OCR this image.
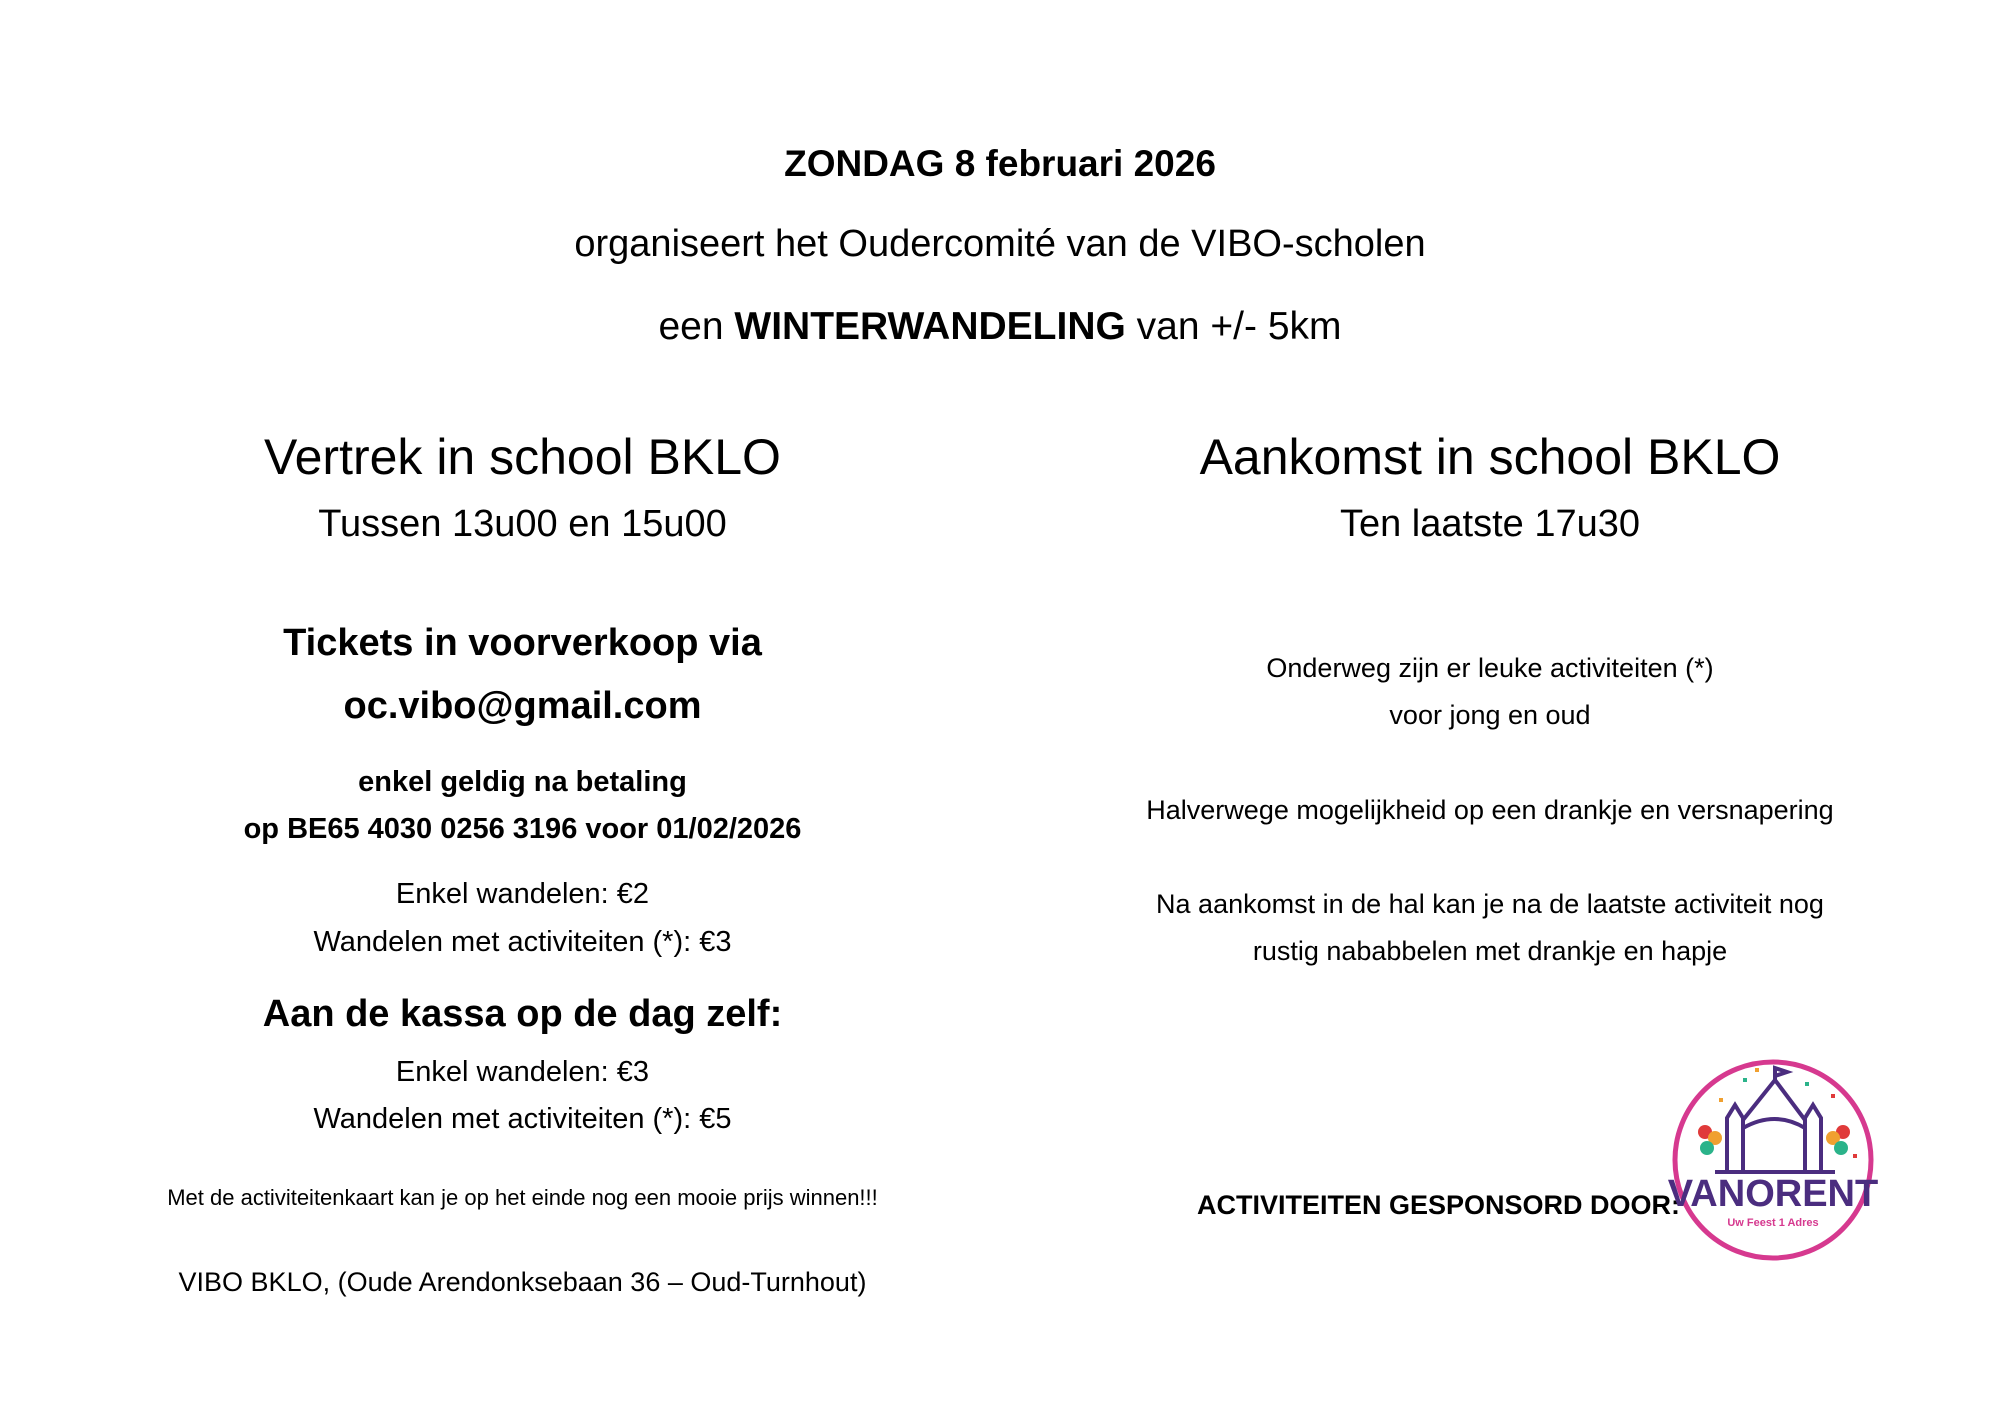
ZONDAG 8 februari 2026
organiseert het Oudercomité van de VIBO-scholen
een WINTERWANDELING van +/- 5km
Vertrek in school BKLO
Tussen 13u00 en 15u00
Tickets in voorverkoop via
oc.vibo@gmail.com
enkel geldig na betaling
op BE65 4030 0256 3196 voor 01/02/2026
Enkel wandelen: €2
Wandelen met activiteiten (*): €3
Aan de kassa op de dag zelf:
Enkel wandelen: €3
Wandelen met activiteiten (*): €5
Met de activiteitenkaart kan je op het einde nog een mooie prijs winnen!!!
VIBO BKLO, (Oude Arendonksebaan 36 – Oud-Turnhout)
Aankomst in school BKLO
Ten laatste 17u30
Onderweg zijn er leuke activiteiten (*)
voor jong en oud
Halverwege mogelijkheid op een drankje en versnapering
Na aankomst in de hal kan je na de laatste activiteit nog
rustig nababbelen met drankje en hapje
ACTIVITEITEN GESPONSORD DOOR:
VANORENT
Uw Feest 1 Adres
